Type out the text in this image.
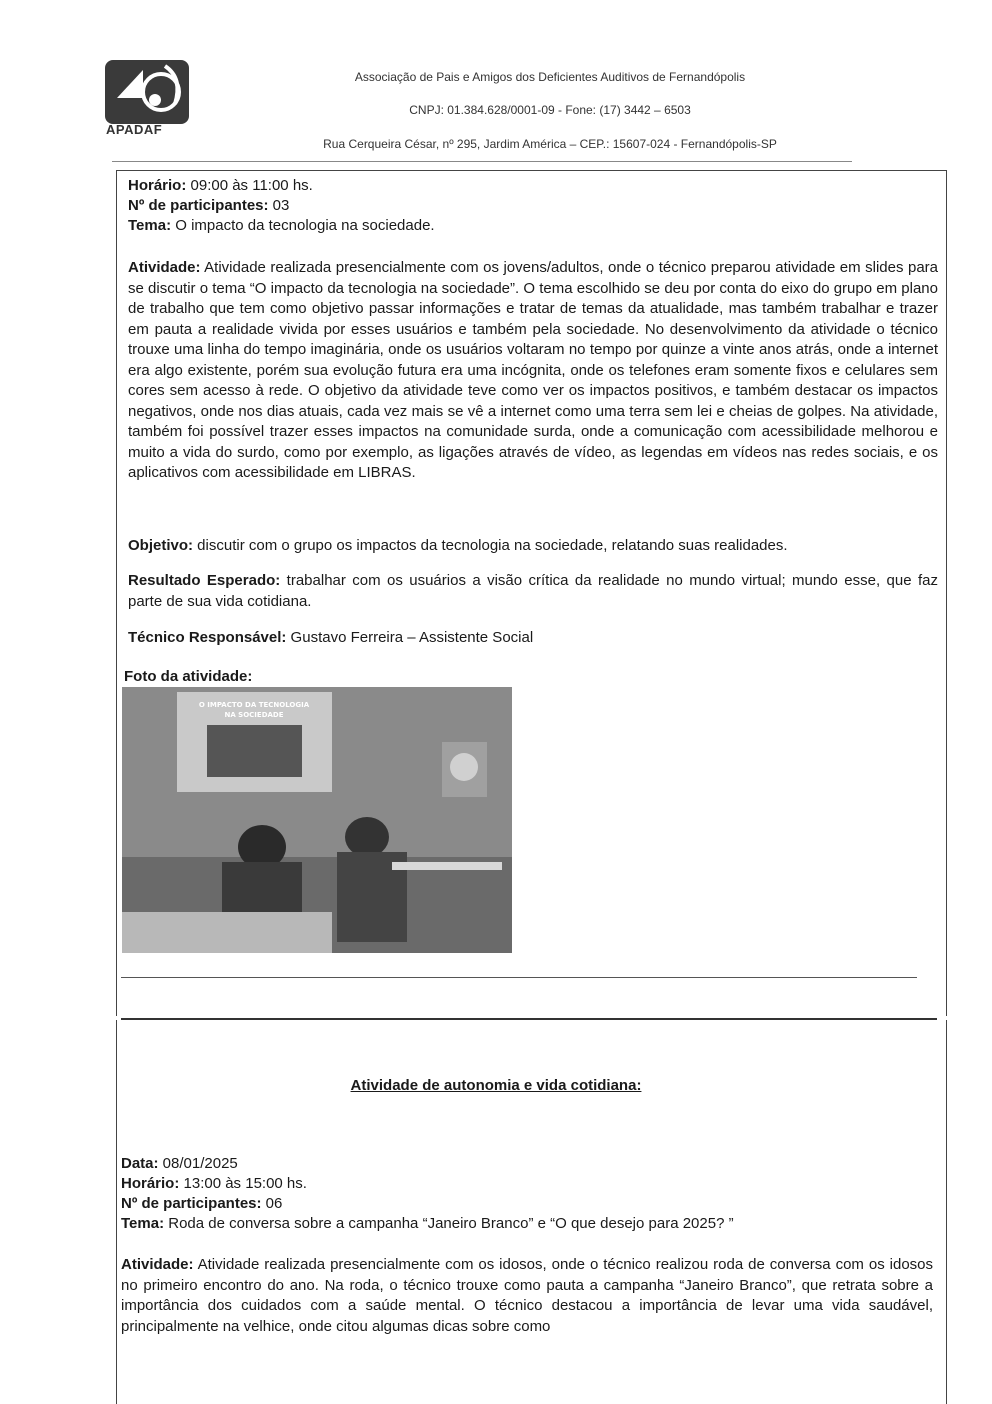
APADAF
Associação de Pais e Amigos dos Deficientes Auditivos de Fernandópolis
CNPJ: 01.384.628/0001-09 - Fone: (17) 3442 – 6503
Rua Cerqueira César, nº 295, Jardim América – CEP.: 15607-024 - Fernandópolis-SP
Horário: 09:00 às 11:00 hs.
Nº de participantes: 03
Tema: O impacto da tecnologia na sociedade.
Atividade: Atividade realizada presencialmente com os jovens/adultos, onde o técnico preparou atividade em slides para se discutir o tema “O impacto da tecnologia na sociedade”. O tema escolhido se deu por conta do eixo do grupo em plano de trabalho que tem como objetivo passar informações e tratar de temas da atualidade, mas também trabalhar e trazer em pauta a realidade vivida por esses usuários e também pela sociedade. No desenvolvimento da atividade o técnico trouxe uma linha do tempo imaginária, onde os usuários voltaram no tempo por quinze a vinte anos atrás, onde a internet era algo existente, porém sua evolução futura era uma incógnita, onde os telefones eram somente fixos e celulares sem cores sem acesso à rede. O objetivo da atividade teve como ver os impactos positivos, e também destacar os impactos negativos, onde nos dias atuais, cada vez mais se vê a internet como uma terra sem lei e cheias de golpes. Na atividade, também foi possível trazer esses impactos na comunidade surda, onde a comunicação com acessibilidade melhorou e muito a vida do surdo, como por exemplo, as ligações através de vídeo, as legendas em vídeos nas redes sociais, e os aplicativos com acessibilidade em LIBRAS.
Objetivo: discutir com o grupo os impactos da tecnologia na sociedade, relatando suas realidades.
Resultado Esperado: trabalhar com os usuários a visão crítica da realidade no mundo virtual; mundo esse, que faz parte de sua vida cotidiana.
Técnico Responsável: Gustavo Ferreira – Assistente Social
Foto da atividade:
O IMPACTO DA TECNOLOGIA
NA SOCIEDADE
Atividade de autonomia e vida cotidiana:
Data: 08/01/2025
Horário: 13:00 às 15:00 hs.
Nº de participantes: 06
Tema: Roda de conversa sobre a campanha “Janeiro Branco” e “O que desejo para 2025? ”
Atividade: Atividade realizada presencialmente com os idosos, onde o técnico realizou roda de conversa com os idosos no primeiro encontro do ano. Na roda, o técnico trouxe como pauta a campanha “Janeiro Branco”, que retrata sobre a importância dos cuidados com a saúde mental. O técnico destacou a importância de levar uma vida saudável, principalmente na velhice, onde citou algumas dicas sobre como
